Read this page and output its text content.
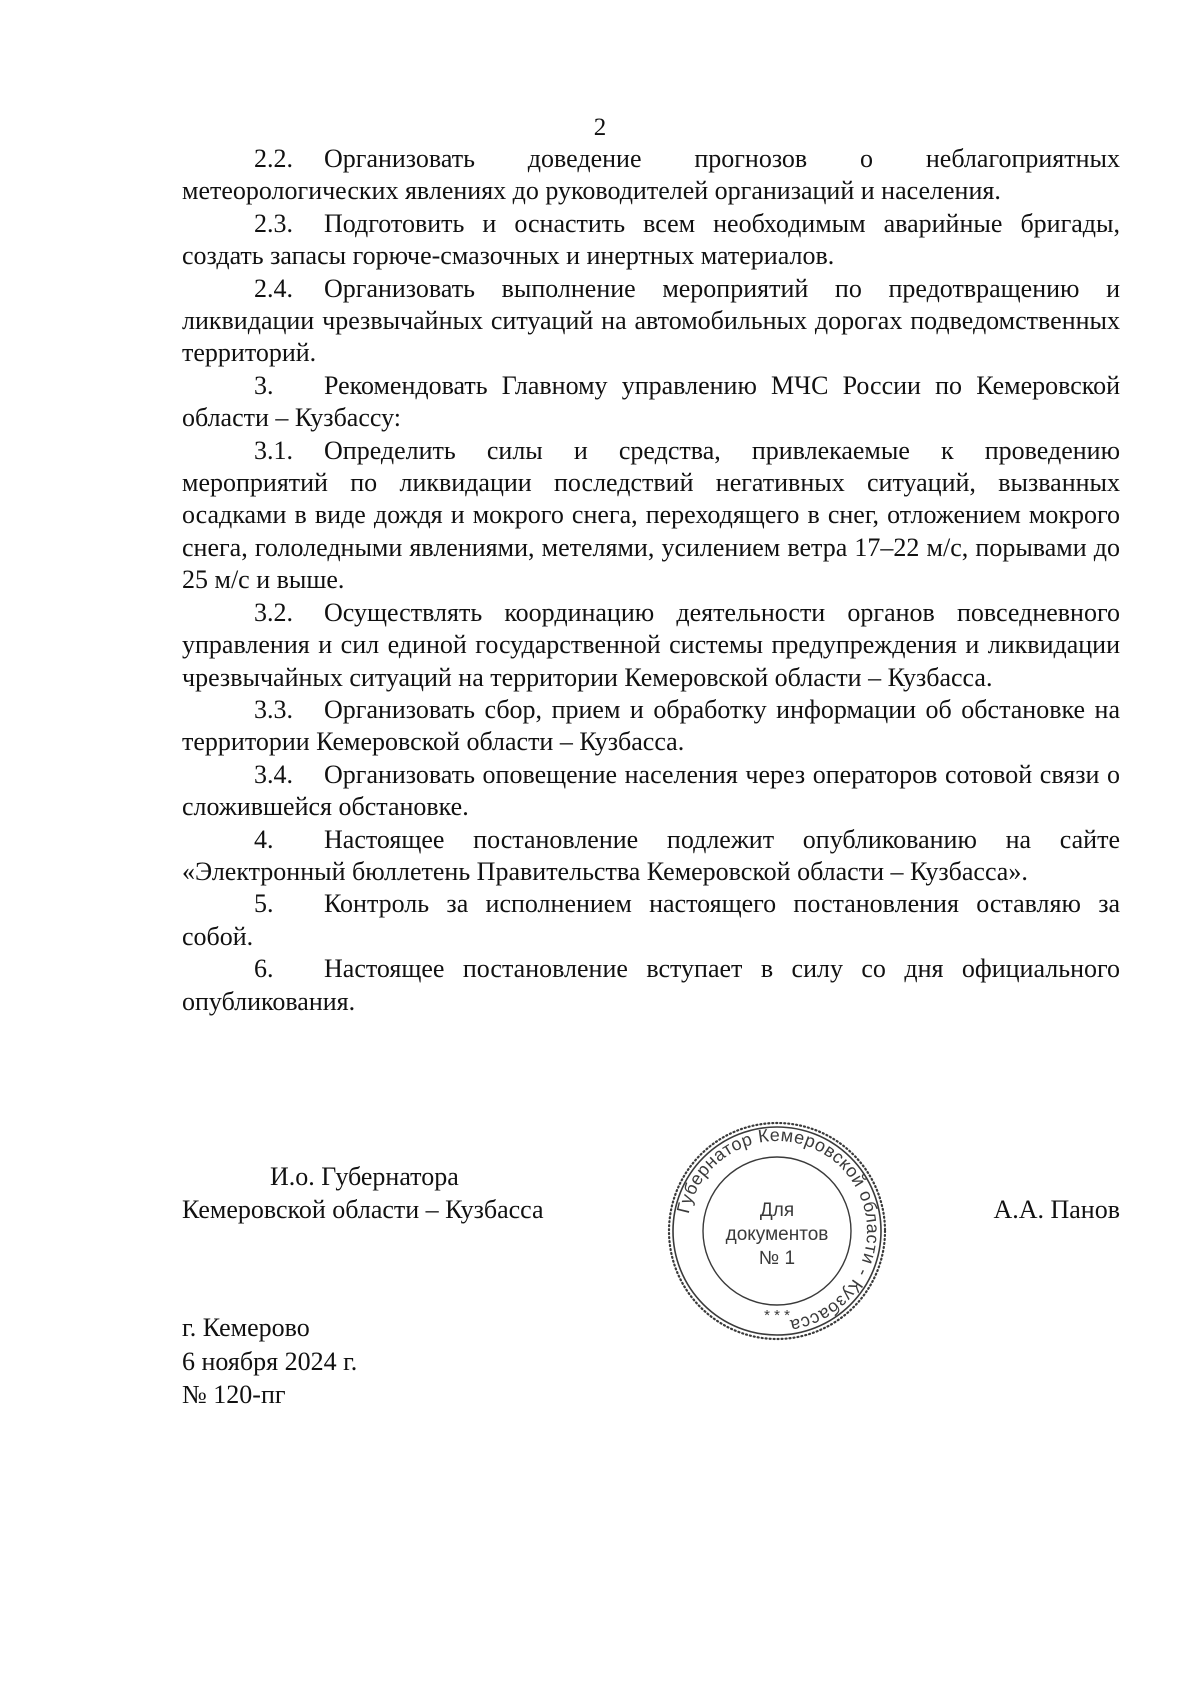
2

2.2. Организовать доведение прогнозов о неблагоприятных метеорологических явлениях до руководителей организаций и населения.

2.3. Подготовить и оснастить всем необходимым аварийные бригады, создать запасы горюче-смазочных и инертных материалов.

2.4. Организовать выполнение мероприятий по предотвращению и ликвидации чрезвычайных ситуаций на автомобильных дорогах подведомственных территорий.

3. Рекомендовать Главному управлению МЧС России по Кемеровской области – Кузбассу:

3.1. Определить силы и средства, привлекаемые к проведению мероприятий по ликвидации последствий негативных ситуаций, вызванных осадками в виде дождя и мокрого снега, переходящего в снег, отложением мокрого снега, гололедными явлениями, метелями, усилением ветра 17–22 м/с, порывами до 25 м/с и выше.

3.2. Осуществлять координацию деятельности органов повседневного управления и сил единой государственной системы предупреждения и ликвидации чрезвычайных ситуаций на территории Кемеровской области – Кузбасса.

3.3. Организовать сбор, прием и обработку информации об обстановке на территории Кемеровской области – Кузбасса.

3.4. Организовать оповещение населения через операторов сотовой связи о сложившейся обстановке.

4. Настоящее постановление подлежит опубликованию на сайте «Электронный бюллетень Правительства Кемеровской области – Кузбасса».

5. Контроль за исполнением настоящего постановления оставляю за собой.

6. Настоящее постановление вступает в силу со дня официального опубликования.

И.о. Губернатора
Кемеровской области – Кузбасса	А.А. Панов
Губернатор Кемеровской области - Кузбасса
Для
документов
№ 1
* * *
г. Кемерово
6 ноября 2024 г.
№ 120-пг
